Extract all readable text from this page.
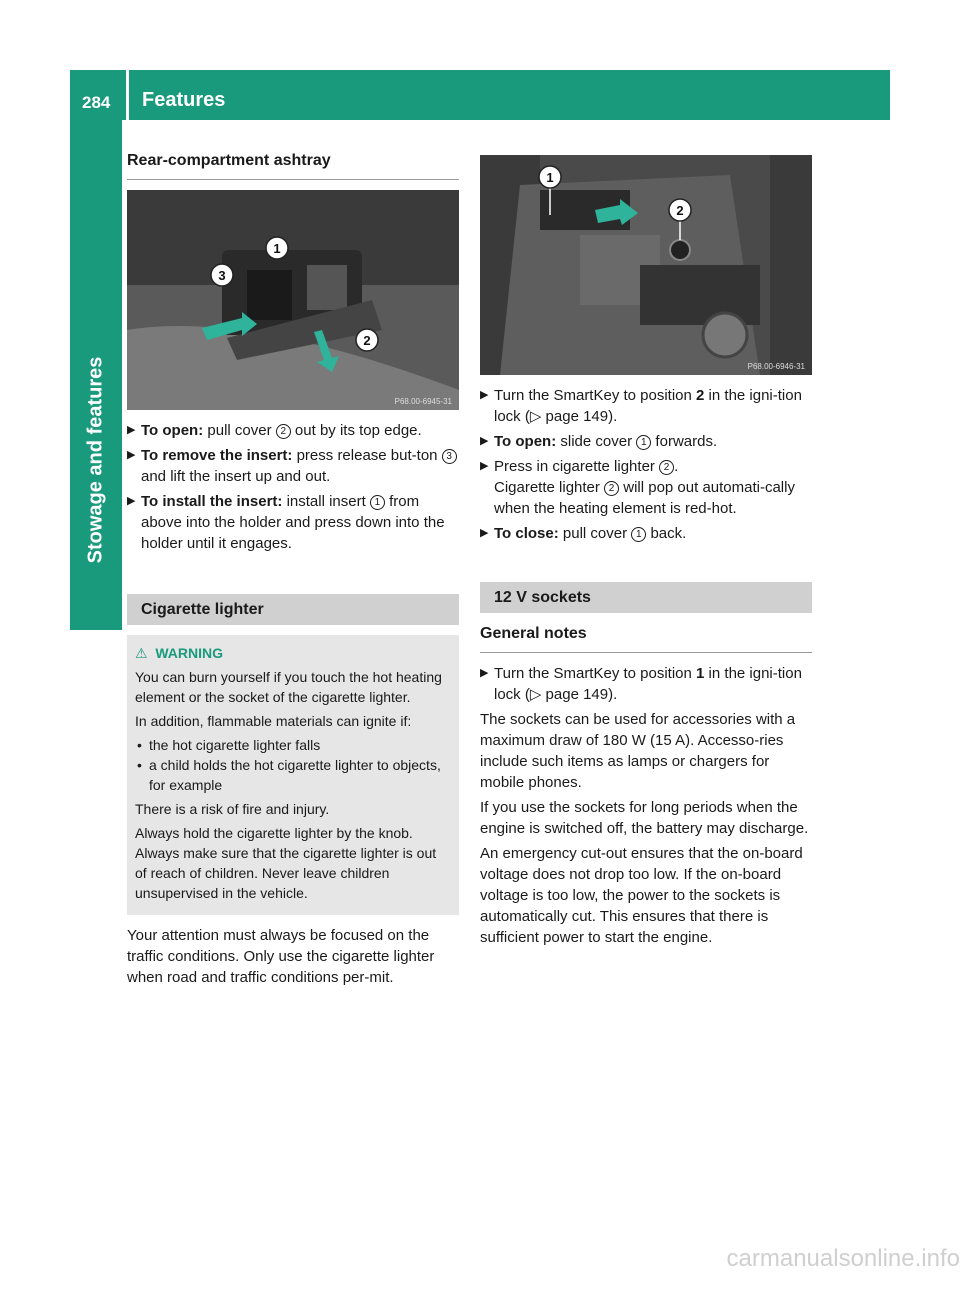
284 Features
Stowage and features
Rear-compartment ashtray
1
2
3
P68.00-6945-31
▶ To open: pull cover 2 out by its top edge.
▶ To remove the insert: press release but-ton 3 and lift the insert up and out.
▶ To install the insert: install insert 1 from above into the holder and press down into the holder until it engages.
Cigarette lighter

⚠ WARNING

You can burn yourself if you touch the hot heating element or the socket of the cigarette lighter.

In addition, flammable materials can ignite if:

• the hot cigarette lighter falls
• a child holds the hot cigarette lighter to objects, for example

There is a risk of fire and injury.

Always hold the cigarette lighter by the knob. Always make sure that the cigarette lighter is out of reach of children. Never leave children unsupervised in the vehicle.

Your attention must always be focused on the traffic conditions. Only use the cigarette lighter when road and traffic conditions per-mit.

1
2
P68.00-6946-31
▶ Turn the SmartKey to position 2 in the igni-tion lock (▷ page 149).
▶ To open: slide cover 1 forwards.
▶ Press in cigarette lighter 2 .
Cigarette lighter 2 will pop out automati-cally when the heating element is red-hot.
▶ To close: pull cover 1 back.
12 V sockets
General notes
▶ Turn the SmartKey to position 1 in the igni-tion lock (▷ page 149).

The sockets can be used for accessories with a maximum draw of 180 W (15 A). Accesso-ries include such items as lamps or chargers for mobile phones.

If you use the sockets for long periods when the engine is switched off, the battery may discharge.

An emergency cut-out ensures that the on-board voltage does not drop too low. If the on-board voltage is too low, the power to the sockets is automatically cut. This ensures that there is sufficient power to start the engine.

carmanualsonline.info
